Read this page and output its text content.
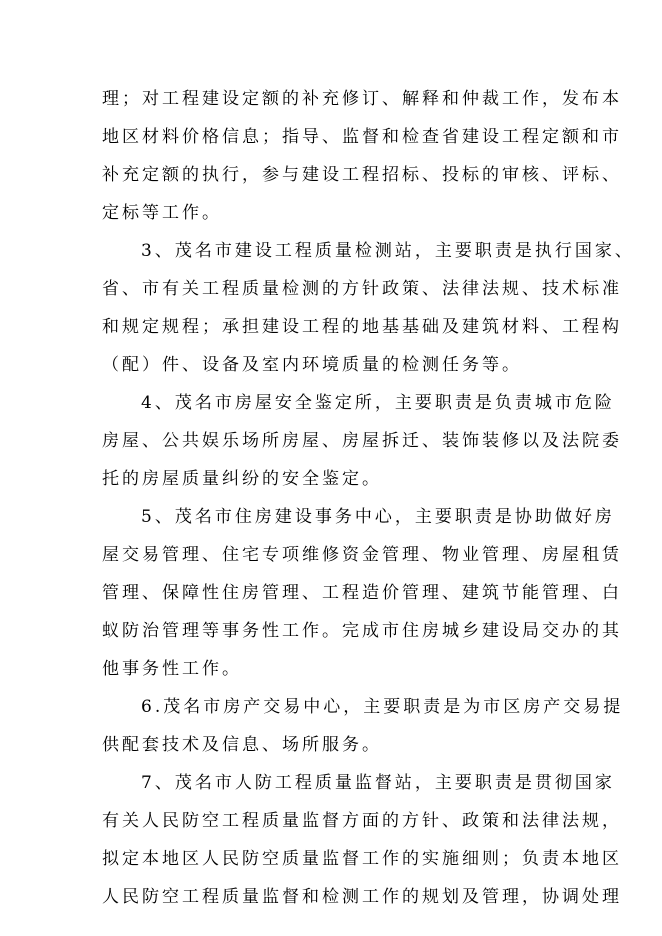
理；对工程建设定额的补充修订、解释和仲裁工作，发布本
地区材料价格信息；指导、监督和检查省建设工程定额和市
补充定额的执行，参与建设工程招标、投标的审核、评标、
定标等工作。
3、茂名市建设工程质量检测站，主要职责是执行国家、
省、市有关工程质量检测的方针政策、法律法规、技术标准
和规定规程；承担建设工程的地基基础及建筑材料、工程构
（配）件、设备及室内环境质量的检测任务等。
4、茂名市房屋安全鉴定所，主要职责是负责城市危险
房屋、公共娱乐场所房屋、房屋拆迁、装饰装修以及法院委
托的房屋质量纠纷的安全鉴定。
5、茂名市住房建设事务中心，主要职责是协助做好房
屋交易管理、住宅专项维修资金管理、物业管理、房屋租赁
管理、保障性住房管理、工程造价管理、建筑节能管理、白
蚁防治管理等事务性工作。完成市住房城乡建设局交办的其
他事务性工作。
6.茂名市房产交易中心，主要职责是为市区房产交易提
供配套技术及信息、场所服务。
7、茂名市人防工程质量监督站，主要职责是贯彻国家
有关人民防空工程质量监督方面的方针、政策和法律法规，
拟定本地区人民防空质量监督工作的实施细则；负责本地区
人民防空工程质量监督和检测工作的规划及管理，协调处理
